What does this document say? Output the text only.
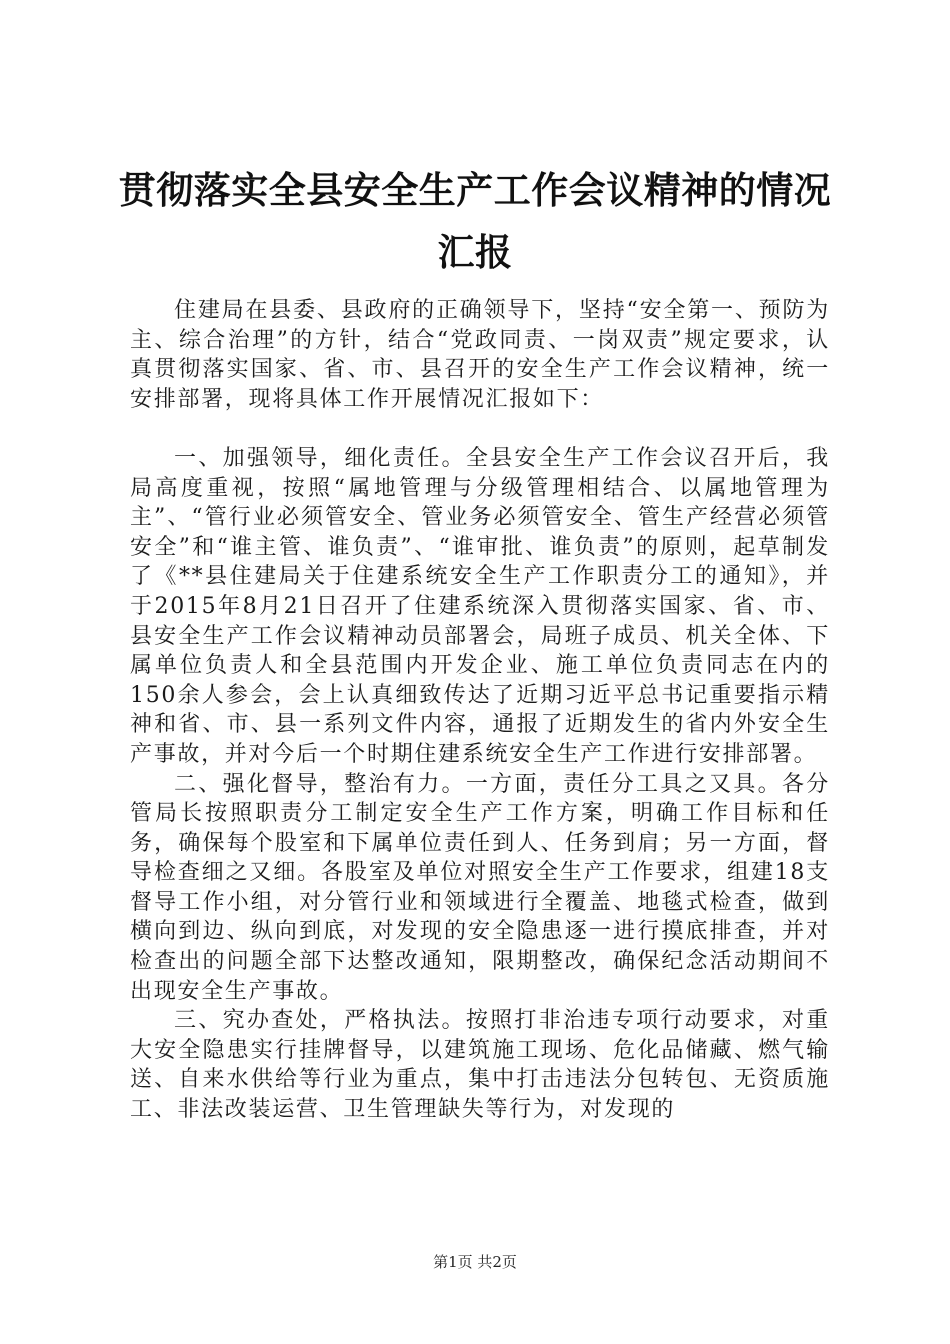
贯彻落实全县安全生产工作会议精神的情况汇报

住建局在县委、县政府的正确领导下，坚持“安全第一、预防为主、综合治理”的方针，结合“党政同责、一岗双责”规定要求，认真贯彻落实国家、省、市、县召开的安全生产工作会议精神，统一安排部署，现将具体工作开展情况汇报如下：

一、加强领导，细化责任。全县安全生产工作会议召开后，我局高度重视，按照“属地管理与分级管理相结合、以属地管理为主”、“管行业必须管安全、管业务必须管安全、管生产经营必须管安全”和“谁主管、谁负责”、“谁审批、谁负责”的原则，起草制发了《**县住建局关于住建系统安全生产工作职责分工的通知》，并于2015年8月21日召开了住建系统深入贯彻落实国家、省、市、县安全生产工作会议精神动员部署会，局班子成员、机关全体、下属单位负责人和全县范围内开发企业、施工单位负责同志在内的150余人参会，会上认真细致传达了近期习近平总书记重要指示精神和省、市、县一系列文件内容，通报了近期发生的省内外安全生产事故，并对今后一个时期住建系统安全生产工作进行安排部署。

二、强化督导，整治有力。一方面，责任分工具之又具。各分管局长按照职责分工制定安全生产工作方案，明确工作目标和任务，确保每个股室和下属单位责任到人、任务到肩；另一方面，督导检查细之又细。各股室及单位对照安全生产工作要求，组建18支督导工作小组，对分管行业和领域进行全覆盖、地毯式检查，做到横向到边、纵向到底，对发现的安全隐患逐一进行摸底排查，并对检查出的问题全部下达整改通知，限期整改，确保纪念活动期间不出现安全生产事故。

三、究办查处，严格执法。按照打非治违专项行动要求，对重大安全隐患实行挂牌督导，以建筑施工现场、危化品储藏、燃气输送、自来水供给等行业为重点，集中打击违法分包转包、无资质施工、非法改装运营、卫生管理缺失等行为，对发现的

第1页 共2页
